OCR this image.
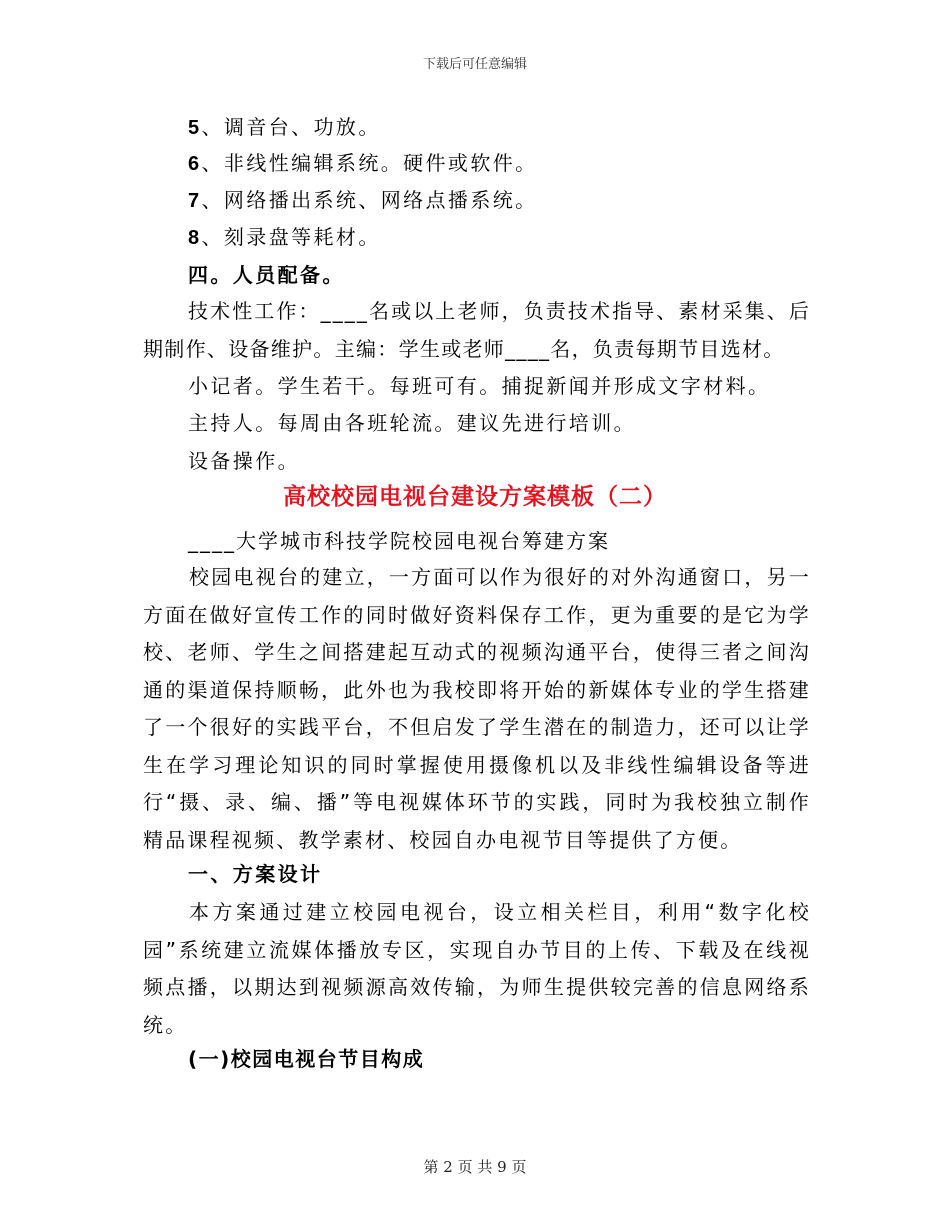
下载后可任意编辑
5、调音台、功放。
6、非线性编辑系统。硬件或软件。
7、网络播出系统、网络点播系统。
8、刻录盘等耗材。
四。人员配备。
技术性工作：____名或以上老师，负责技术指导、素材采集、后
期制作、设备维护。主编：学生或老师____名，负责每期节目选材。
小记者。学生若干。每班可有。捕捉新闻并形成文字材料。
主持人。每周由各班轮流。建议先进行培训。
设备操作。
高校校园电视台建设方案模板（二）
____大学城市科技学院校园电视台筹建方案

校园电视台的建立，一方面可以作为很好的对外沟通窗口，另一方面在做好宣传工作的同时做好资料保存工作，更为重要的是它为学校、老师、学生之间搭建起互动式的视频沟通平台，使得三者之间沟通的渠道保持顺畅，此外也为我校即将开始的新媒体专业的学生搭建了一个很好的实践平台，不但启发了学生潜在的制造力，还可以让学生在学习理论知识的同时掌握使用摄像机以及非线性编辑设备等进行“摄、录、编、播”等电视媒体环节的实践，同时为我校独立制作精品课程视频、教学素材、校园自办电视节目等提供了方便。

一、方案设计

本方案通过建立校园电视台，设立相关栏目，利用“数字化校园”系统建立流媒体播放专区，实现自办节目的上传、下载及在线视频点播，以期达到视频源高效传输，为师生提供较完善的信息网络系统。

(一)校园电视台节目构成
第 2 页 共 9 页
